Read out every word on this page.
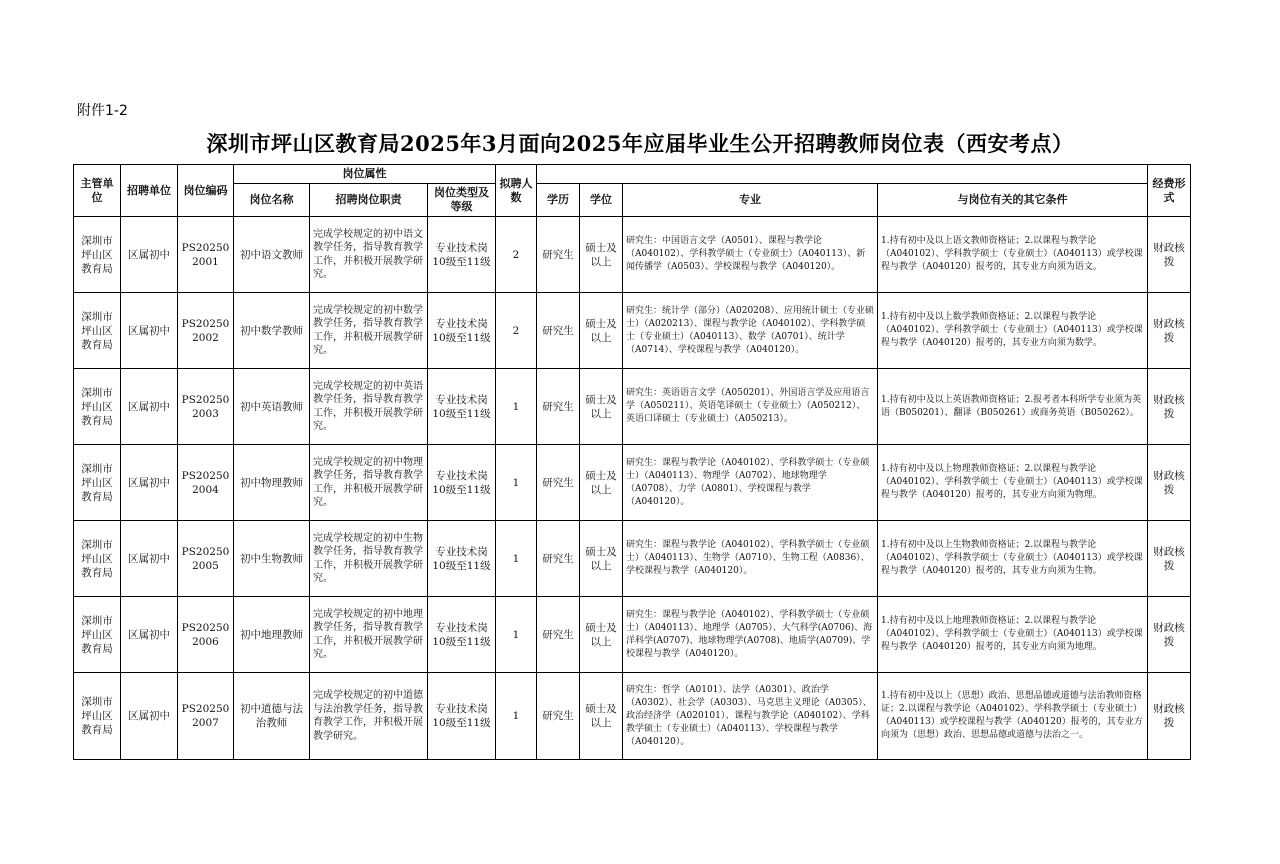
附件1-2
深圳市坪山区教育局2025年3月面向2025年应届毕业生公开招聘教师岗位表（西安考点）
主管单位	招聘单位	岗位编码	岗位属性			拟聘人数					经费形式
			岗位名称	招聘岗位职责	岗位类型及等级		学历	学位	专业	与岗位有关的其它条件	
深圳市坪山区教育局	区属初中	PS202502001	初中语文教师	完成学校规定的初中语文教学任务，指导教育教学工作，并积极开展教学研究。	专业技术岗10级至11级	2	研究生	硕士及以上	研究生：中国语言文学（A0501）、课程与教学论（A040102）、学科教学硕士（专业硕士）（A040113）、新闻传播学（A0503）、学校课程与教学（A040120）。	1.持有初中及以上语文教师资格证；2.以课程与教学论（A040102）、学科教学硕士（专业硕士）（A040113）或学校课程与教学（A040120）报考的，其专业方向须为语文。	财政核拨
深圳市坪山区教育局	区属初中	PS202502002	初中数学教师	完成学校规定的初中数学教学任务，指导教育教学工作，并积极开展教学研究。	专业技术岗10级至11级	2	研究生	硕士及以上	研究生：统计学（部分）（A020208）、应用统计硕士（专业硕士）（A020213）、课程与教学论（A040102）、学科教学硕士（专业硕士）（A040113）、数学（A0701）、统计学（A0714）、学校课程与教学（A040120）。	1.持有初中及以上数学教师资格证；2.以课程与教学论（A040102）、学科教学硕士（专业硕士）（A040113）或学校课程与教学（A040120）报考的，其专业方向须为数学。	财政核拨
深圳市坪山区教育局	区属初中	PS202502003	初中英语教师	完成学校规定的初中英语教学任务，指导教育教学工作，并积极开展教学研究。	专业技术岗10级至11级	1	研究生	硕士及以上	研究生：英语语言文学（A050201）、外国语言学及应用语言学（A050211）、英语笔译硕士（专业硕士）（A050212）、英语口译硕士（专业硕士）（A050213）。	1.持有初中及以上英语教师资格证；2.报考者本科所学专业须为英语（B050201）、翻译（B050261）或商务英语（B050262）。	财政核拨
深圳市坪山区教育局	区属初中	PS202502004	初中物理教师	完成学校规定的初中物理教学任务，指导教育教学工作，并积极开展教学研究。	专业技术岗10级至11级	1	研究生	硕士及以上	研究生：课程与教学论（A040102）、学科教学硕士（专业硕士）（A040113）、物理学（A0702）、地球物理学（A0708）、力学（A0801）、学校课程与教学（A040120）。	1.持有初中及以上物理教师资格证；2.以课程与教学论（A040102）、学科教学硕士（专业硕士）（A040113）或学校课程与教学（A040120）报考的，其专业方向须为物理。	财政核拨
深圳市坪山区教育局	区属初中	PS202502005	初中生物教师	完成学校规定的初中生物教学任务，指导教育教学工作，并积极开展教学研究。	专业技术岗10级至11级	1	研究生	硕士及以上	研究生：课程与教学论（A040102）、学科教学硕士（专业硕士）（A040113）、生物学（A0710）、生物工程（A0836）、学校课程与教学（A040120）。	1.持有初中及以上生物教师资格证；2.以课程与教学论（A040102）、学科教学硕士（专业硕士）（A040113）或学校课程与教学（A040120）报考的，其专业方向须为生物。	财政核拨
深圳市坪山区教育局	区属初中	PS202502006	初中地理教师	完成学校规定的初中地理教学任务，指导教育教学工作，并积极开展教学研究。	专业技术岗10级至11级	1	研究生	硕士及以上	研究生：课程与教学论（A040102）、学科教学硕士（专业硕士）（A040113）、地理学（A0705）、大气科学(A0706)、海洋科学(A0707)、地球物理学(A0708)、地质学(A0709)、学校课程与教学（A040120）。	1.持有初中及以上地理教师资格证；2.以课程与教学论（A040102）、学科教学硕士（专业硕士）（A040113）或学校课程与教学（A040120）报考的，其专业方向须为地理。	财政核拨
深圳市坪山区教育局	区属初中	PS202502007	初中道德与法治教师	完成学校规定的初中道德与法治教学任务，指导教育教学工作，并积极开展教学研究。	专业技术岗10级至11级	1	研究生	硕士及以上	研究生：哲学（A0101）、法学（A0301）、政治学（A0302）、社会学（A0303）、马克思主义理论（A0305）、政治经济学（A020101）、课程与教学论（A040102）、学科教学硕士（专业硕士）（A040113）、学校课程与教学（A040120）。	1.持有初中及以上（思想）政治、思想品德或道德与法治教师资格证；2.以课程与教学论（A040102）、学科教学硕士（专业硕士）（A040113）或学校课程与教学（A040120）报考的，其专业方向须为（思想）政治、思想品德或道德与法治之一。	财政核拨
